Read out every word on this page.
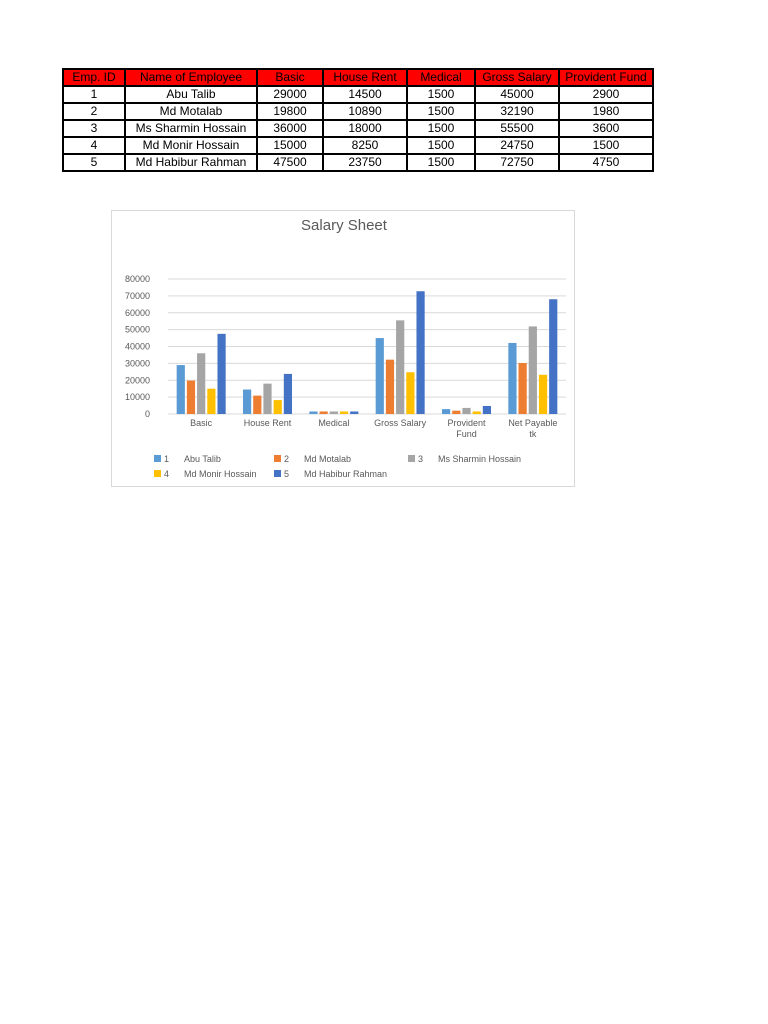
Emp. ID	Name of Employee	Basic	House Rent	Medical	Gross Salary	Provident Fund
1	Abu Talib	29000	14500	1500	45000	2900
2	Md Motalab	19800	10890	1500	32190	1980
3	Ms Sharmin Hossain	36000	18000	1500	55500	3600
4	Md Monir Hossain	15000	8250	1500	24750	1500
5	Md Habibur Rahman	47500	23750	1500	72750	4750
Salary Sheet
0
10000
20000
30000
40000
50000
60000
70000
80000
Basic	House Rent	Medical	Gross Salary Provident
Fund
Net Payable
tk
1 Abu Talib	2 Md Motalab	3 Ms Sharmin Hossain
4 Md Monir Hossain	5 Md Habibur Rahman
